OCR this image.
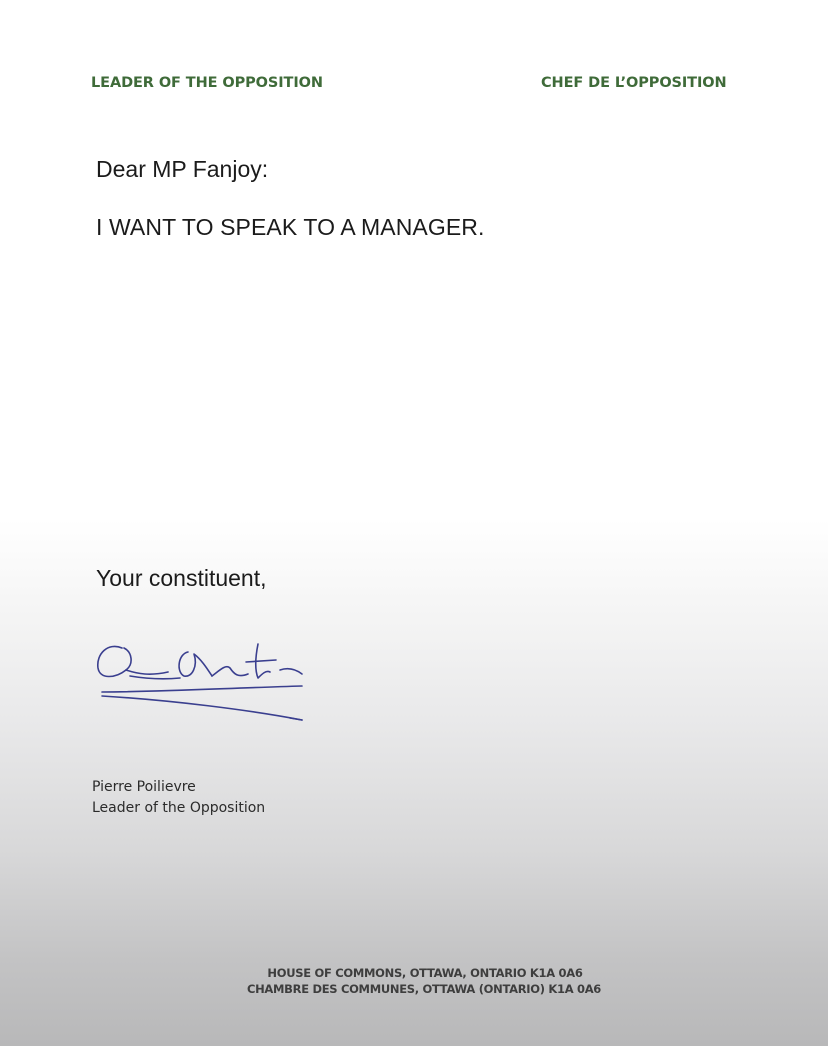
LEADER OF THE OPPOSITION	CHEF DE L’OPPOSITION
Dear MP Fanjoy:
I WANT TO SPEAK TO A MANAGER.
Your constituent,
Pierre Poilievre
Leader of the Opposition
HOUSE OF COMMONS, OTTAWA, ONTARIO K1A 0A6
CHAMBRE DES COMMUNES, OTTAWA (ONTARIO) K1A 0A6
